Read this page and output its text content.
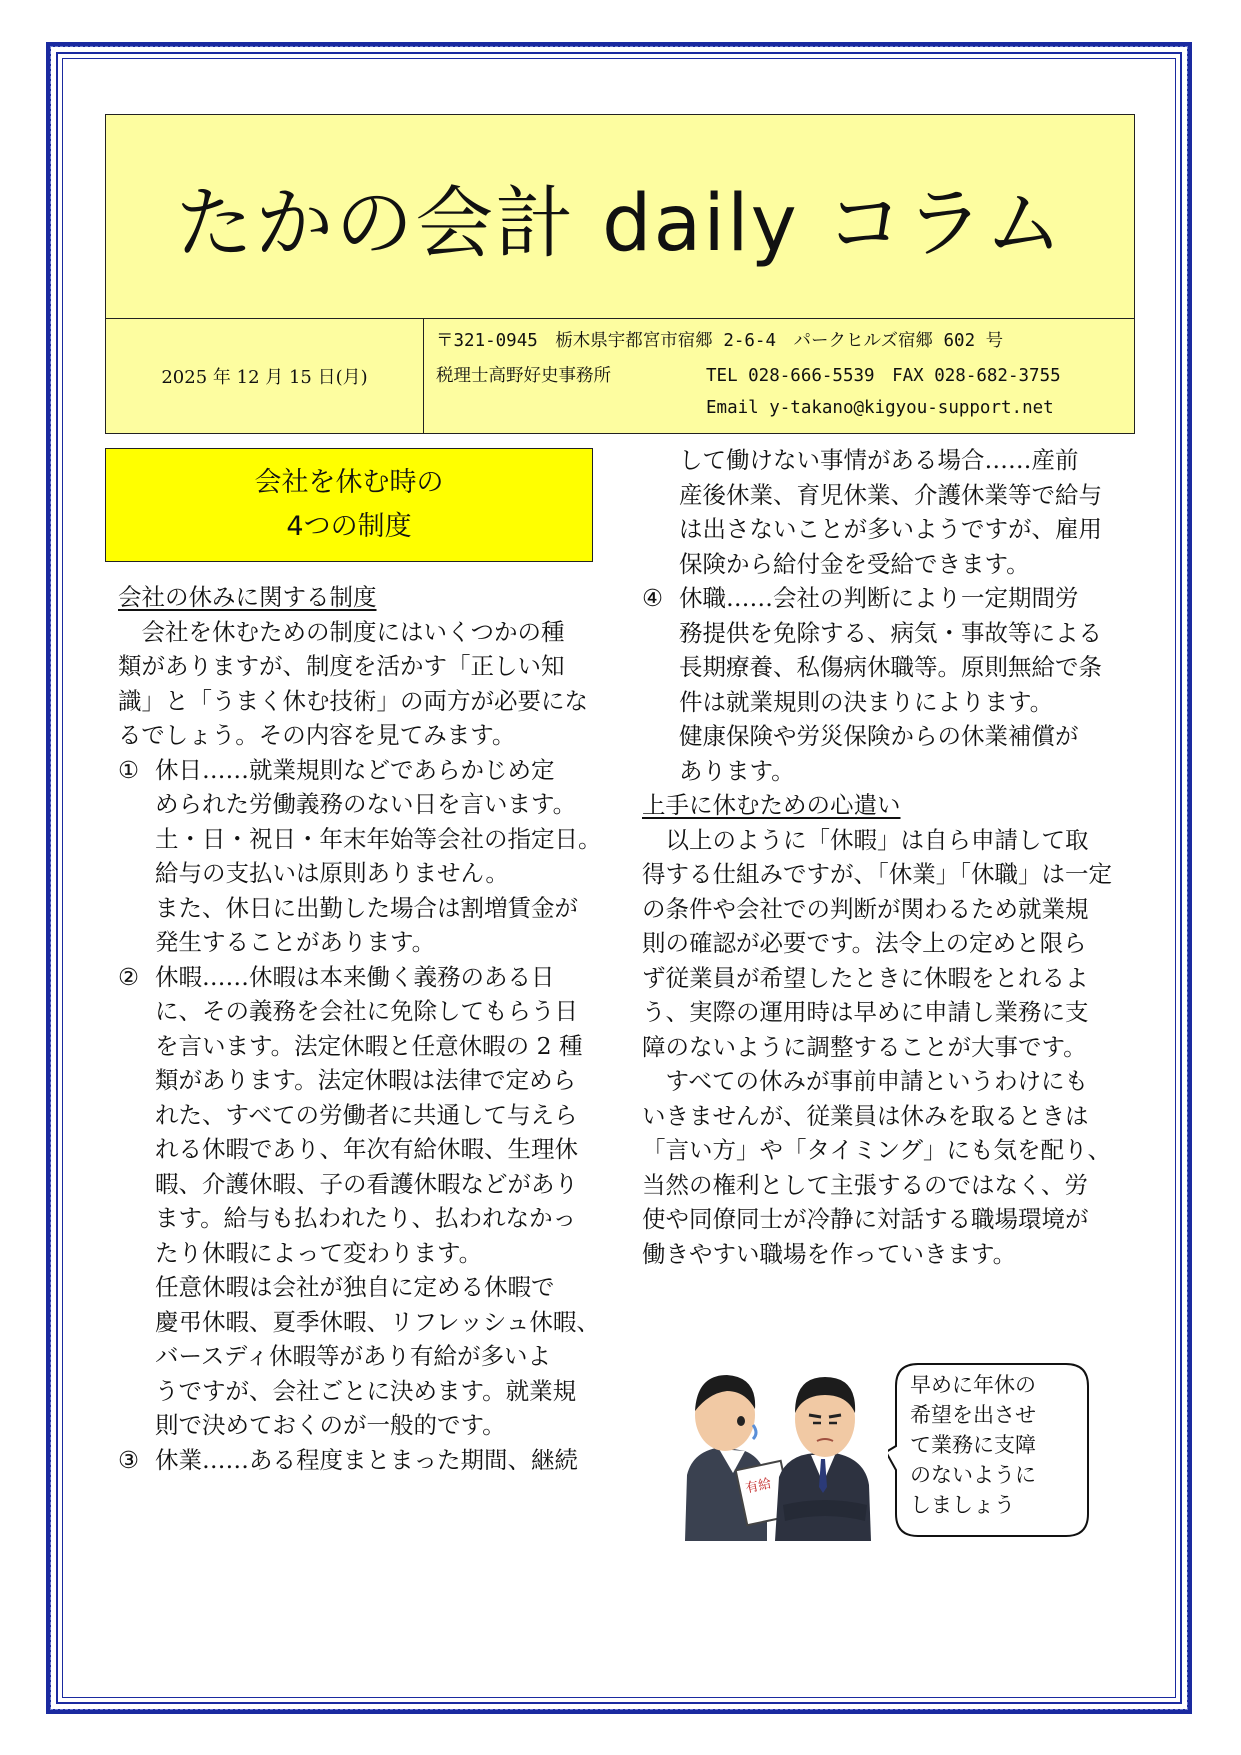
たかの会計 daily コラム
2025 年 12 月 15 日(月)
〒321-0945　栃木県宇都宮市宿郷 2-6-4　パークヒルズ宿郷 602 号
税理士高野好史事務所	TEL 028-666-5539　FAX 028-682-3755
Email y-takano@kigyou-support.net
会社を休む時の
4つの制度

会社の休みに関する制度

　会社を休むための制度にはいくつかの種

類がありますが、制度を活かす「正しい知

識」と「うまく休む技術」の両方が必要にな

るでしょう。その内容を見てみます。

① 休日……就業規則などであらかじめ定

められた労働義務のない日を言います。

土・日・祝日・年末年始等会社の指定日。

給与の支払いは原則ありません。

また、休日に出勤した場合は割増賃金が

発生することがあります。

② 休暇……休暇は本来働く義務のある日

に、その義務を会社に免除してもらう日

を言います。法定休暇と任意休暇の 2 種

類があります。法定休暇は法律で定めら

れた、すべての労働者に共通して与えら

れる休暇であり、年次有給休暇、生理休

暇、介護休暇、子の看護休暇などがあり

ます。給与も払われたり、払われなかっ

たり休暇によって変わります。

任意休暇は会社が独自に定める休暇で

慶弔休暇、夏季休暇、リフレッシュ休暇、

バースディ休暇等があり有給が多いよ

うですが、会社ごとに決めます。就業規

則で決めておくのが一般的です。

③ 休業……ある程度まとまった期間、継続

して働けない事情がある場合……産前

産後休業、育児休業、介護休業等で給与

は出さないことが多いようですが、雇用

保険から給付金を受給できます。

④ 休職……会社の判断により一定期間労

務提供を免除する、病気・事故等による

長期療養、私傷病休職等。原則無給で条

件は就業規則の決まりによります。

健康保険や労災保険からの休業補償が

あります。

上手に休むための心遣い

　以上のように「休暇」は自ら申請して取

得する仕組みですが、「休業」「休職」は一定

の条件や会社での判断が関わるため就業規

則の確認が必要です。法令上の定めと限ら

ず従業員が希望したときに休暇をとれるよ

う、実際の運用時は早めに申請し業務に支

障のないように調整することが大事です。

　すべての休みが事前申請というわけにも

いきませんが、従業員は休みを取るときは

「言い方」や「タイミング」にも気を配り、

当然の権利として主張するのではなく、労

使や同僚同士が冷静に対話する職場環境が

働きやすい職場を作っていきます。

有給

早めに年休の

希望を出させ

て業務に支障

のないように

しましょう
